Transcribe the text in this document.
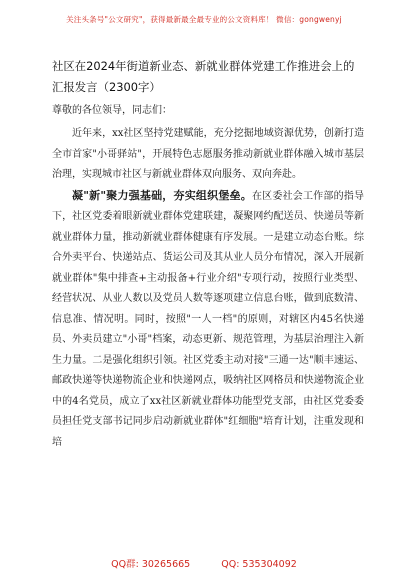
关注头条号"公文研究"，获得最新最全最专业的公文资料库！ 微信：gongwenyj
社区在2024年街道新业态、新就业群体党建工作推进会上的汇报发言（2300字）
尊敬的各位领导，同志们：

近年来，xx社区坚持党建赋能，充分挖掘地域资源优势，创新打造全市首家"小哥驿站"，开展特色志愿服务推动新就业群体融入城市基层治理，实现城市社区与新就业群体双向服务、双向奔赴。

凝"新"聚力强基础，夯实组织堡垒。在区委社会工作部的指导下，社区党委着眼新就业群体党建联建，凝聚网约配送员、快递员等新就业群体力量，推动新就业群体健康有序发展。一是建立动态台账。综合外卖平台、快递站点、货运公司及其从业人员分布情况，深入开展新就业群体"集中排查+主动报备+行业介绍"专项行动，按照行业类型、经营状况、从业人数以及党员人数等逐项建立信息台账，做到底数清、信息准、情况明。同时，按照"一人一档"的原则，对辖区内45名快递员、外卖员建立"小哥"档案，动态更新、规范管理，为基层治理注入新生力量。二是强化组织引领。社区党委主动对接"三通一达"顺丰速运、邮政快递等快递物流企业和快递网点，吸纳社区网格员和快递物流企业中的4名党员，成立了xx社区新就业群体功能型党支部，由社区党委委员担任党支部书记同步启动新就业群体"红细胞"培育计划，注重发现和培

QQ群: 30265665	QQ: 535304092
